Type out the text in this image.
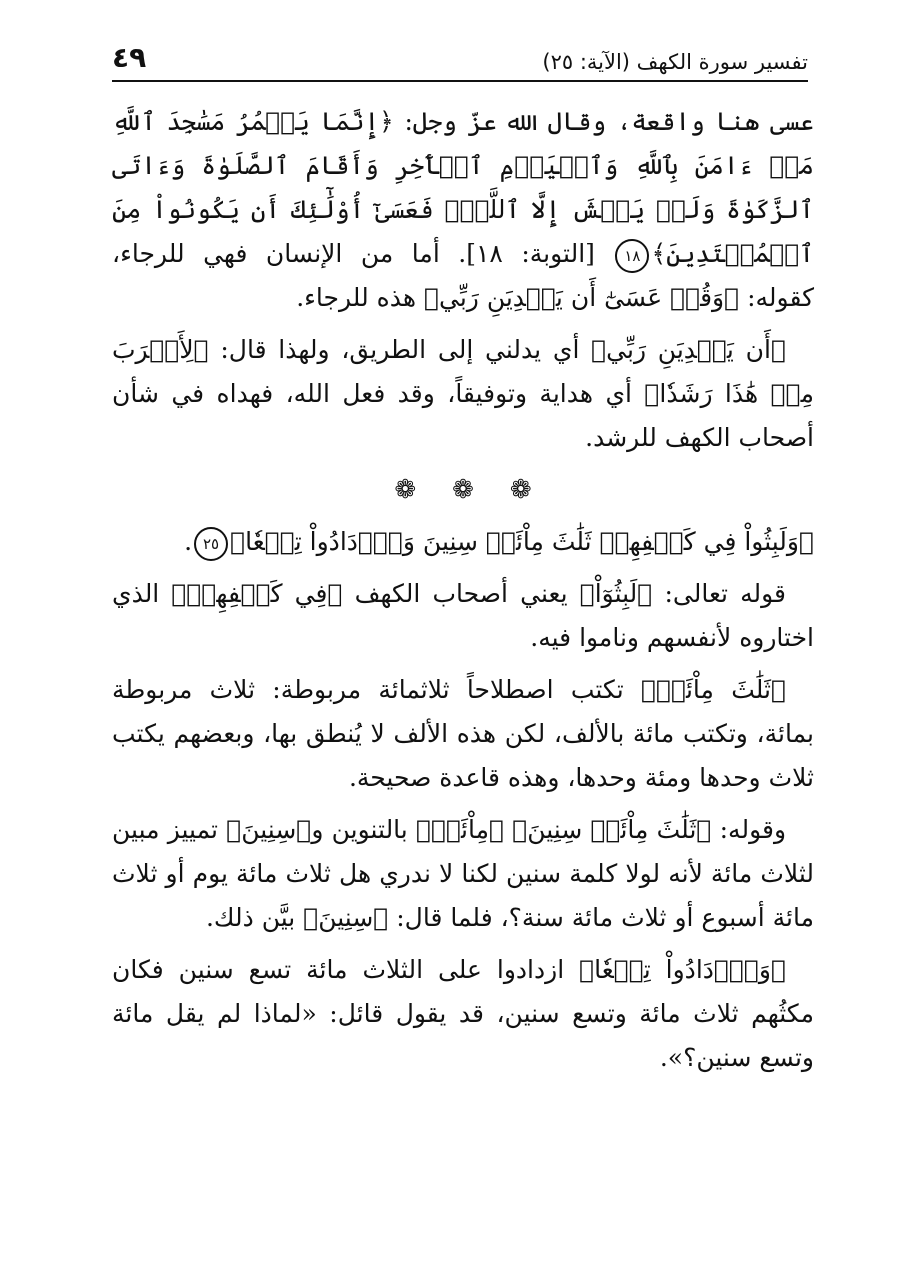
٤٩	تفسير سورة الكهف (الآية: ٢٥)

عسى هنا واقعة، وقال الله عزّ وجل: ﴿ إِنَّمَا يَعۡمُرُ مَسَٰجِدَ ٱللَّهِ مَنۡ ءَامَنَ بِٱللَّهِ وَٱلۡيَوۡمِ ٱلۡأٓخِرِ وَأَقَامَ ٱلصَّلَوٰةَ وَءَاتَى ٱلزَّكَوٰةَ وَلَمۡ يَخۡشَ إِلَّا ٱللَّهَۖ فَعَسَىٰٓ أُوْلَٰٓئِكَ أَن يَكُونُواْ مِنَ ٱلۡمُهۡتَدِينَ ﴾١٨ [التوبة: ١٨]. أما من الإنسان فهي للرجاء، كقوله: ﴿ وَقُلۡ عَسَىٰٓ أَن يَهۡدِيَنِ رَبِّي ﴾ هذه للرجاء.

﴿ أَن يَهۡدِيَنِ رَبِّي ﴾ أي يدلني إلى الطريق، ولهذا قال: ﴿ لِأَقۡرَبَ مِنۡ هَٰذَا رَشَدٗا ﴾ أي هداية وتوفيقاً، وقد فعل الله، فهداه في شأن أصحاب الكهف للرشد.

❁ ❁ ❁

﴿ وَلَبِثُواْ فِي كَهۡفِهِمۡ ثَلَٰثَ مِاْئَةٖ سِنِينَ وَٱزۡدَادُواْ تِسۡعٗا ﴾٢٥.

قوله تعالى: ﴿ لَبِثُوٓاْ ﴾ يعني أصحاب الكهف ﴿ فِي كَهۡفِهِمۡ ﴾ الذي اختاروه لأنفسهم وناموا فيه.

﴿ ثَلَٰثَ مِاْئَةٖ ﴾ تكتب اصطلاحاً ثلاثمائة مربوطة: ثلاث مربوطة بمائة، وتكتب مائة بالألف، لكن هذه الألف لا يُنطق بها، وبعضهم يكتب ثلاث وحدها ومئة وحدها، وهذه قاعدة صحيحة.

وقوله: ﴿ ثَلَٰثَ مِاْئَةٖ سِنِينَ ﴾ ﴿ مِاْئَةٖ ﴾ بالتنوين و﴿ سِنِينَ ﴾ تمييز مبين لثلاث مائة لأنه لولا كلمة سنين لكنا لا ندري هل ثلاث مائة يوم أو ثلاث مائة أسبوع أو ثلاث مائة سنة؟، فلما قال: ﴿ سِنِينَ ﴾ بيَّن ذلك.

﴿ وَٱزۡدَادُواْ تِسۡعٗا ﴾ ازدادوا على الثلاث مائة تسع سنين فكان مكثُهم ثلاث مائة وتسع سنين، قد يقول قائل: «لماذا لم يقل مائة وتسع سنين؟».
